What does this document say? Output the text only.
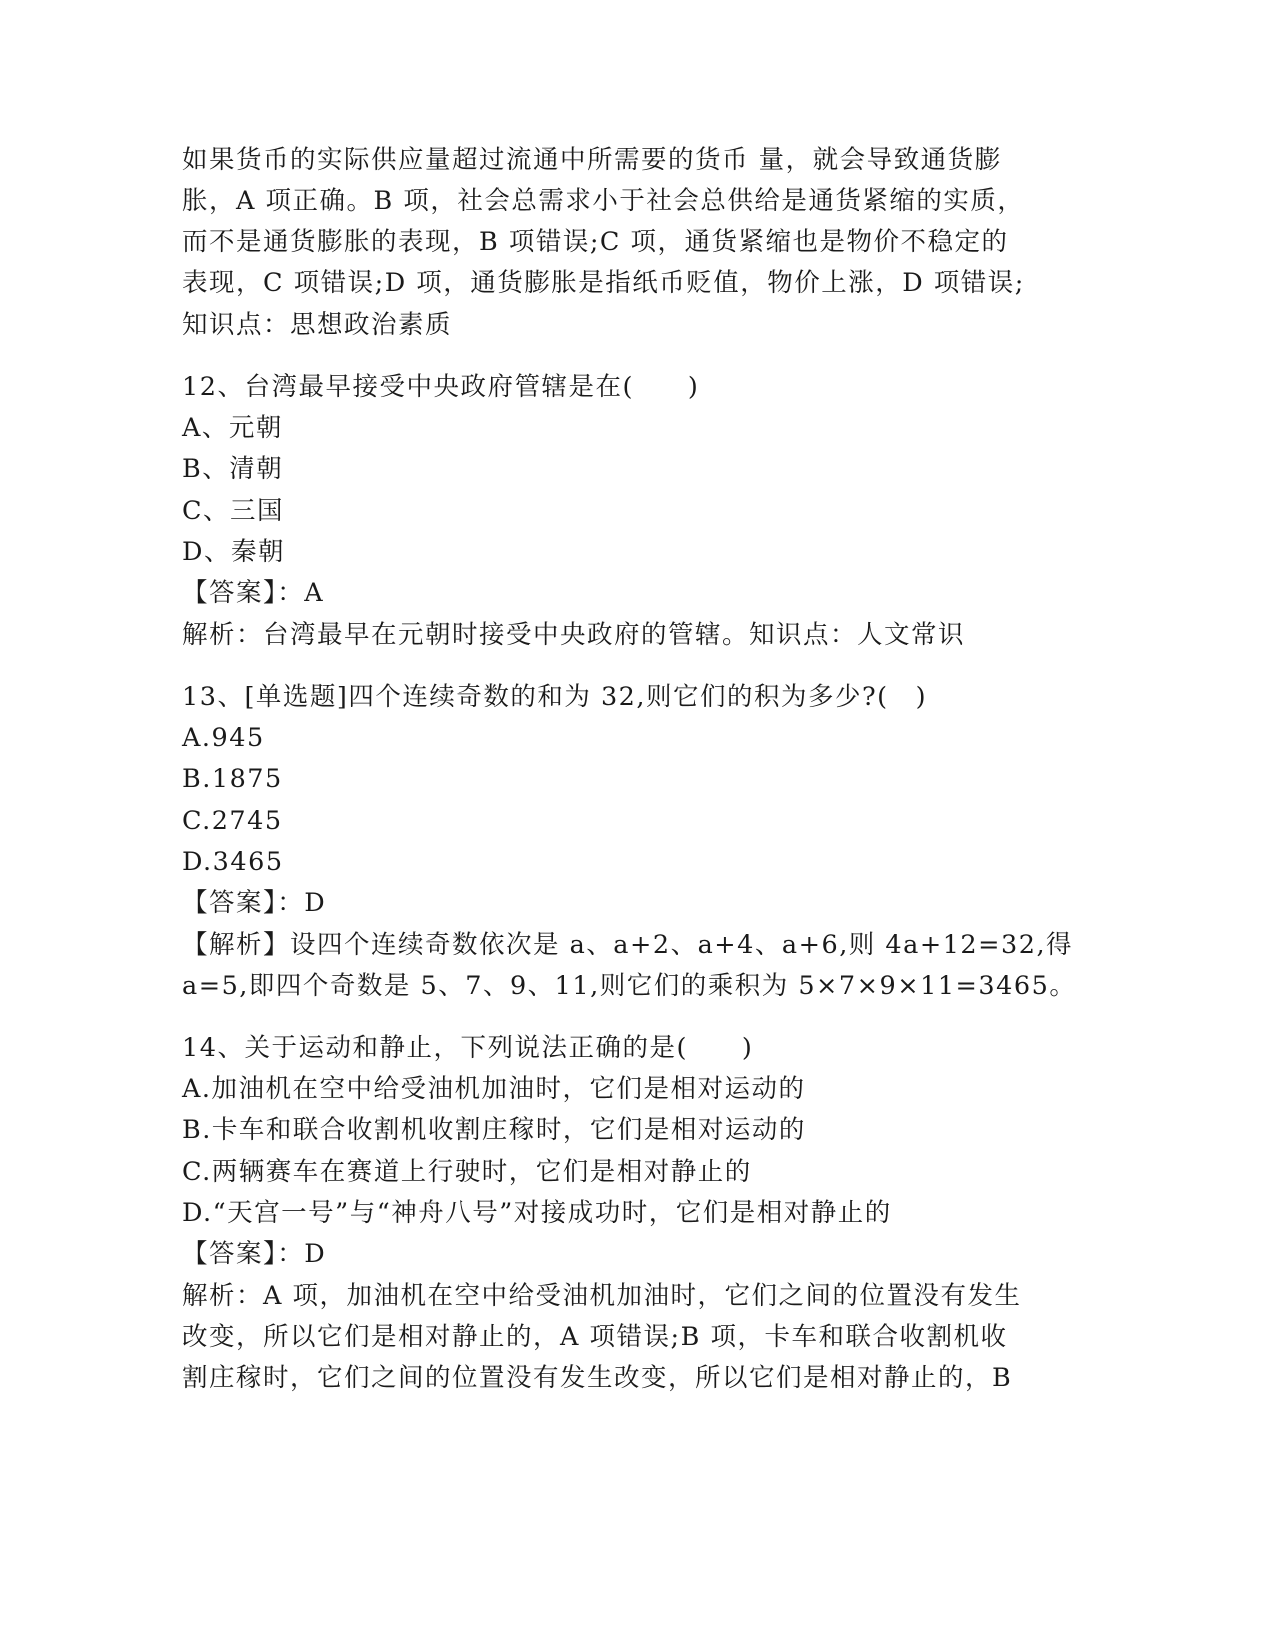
如果货币的实际供应量超过流通中所需要的货币 量，就会导致通货膨
胀，A 项正确。B 项，社会总需求小于社会总供给是通货紧缩的实质，
而不是通货膨胀的表现，B 项错误;C 项，通货紧缩也是物价不稳定的
表现，C 项错误;D 项，通货膨胀是指纸币贬值，物价上涨，D 项错误;
知识点：思想政治素质
12、台湾最早接受中央政府管辖是在(　　)
A、元朝
B、清朝
C、三国
D、秦朝
【答案】：A
解析：台湾最早在元朝时接受中央政府的管辖。知识点：人文常识
13、[单选题]四个连续奇数的和为 32,则它们的积为多少?(　)
A.945
B.1875
C.2745
D.3465
【答案】：D
【解析】设四个连续奇数依次是 a、a+2、a+4、a+6,则 4a+12=32,得
a=5,即四个奇数是 5、7、9、11,则它们的乘积为 5×7×9×11=3465。
14、关于运动和静止，下列说法正确的是(　　)
A.加油机在空中给受油机加油时，它们是相对运动的
B.卡车和联合收割机收割庄稼时，它们是相对运动的
C.两辆赛车在赛道上行驶时，它们是相对静止的
D.“天宫一号”与“神舟八号”对接成功时，它们是相对静止的
【答案】：D
解析：A 项，加油机在空中给受油机加油时，它们之间的位置没有发生
改变，所以它们是相对静止的，A 项错误;B 项，卡车和联合收割机收
割庄稼时，它们之间的位置没有发生改变，所以它们是相对静止的，B
